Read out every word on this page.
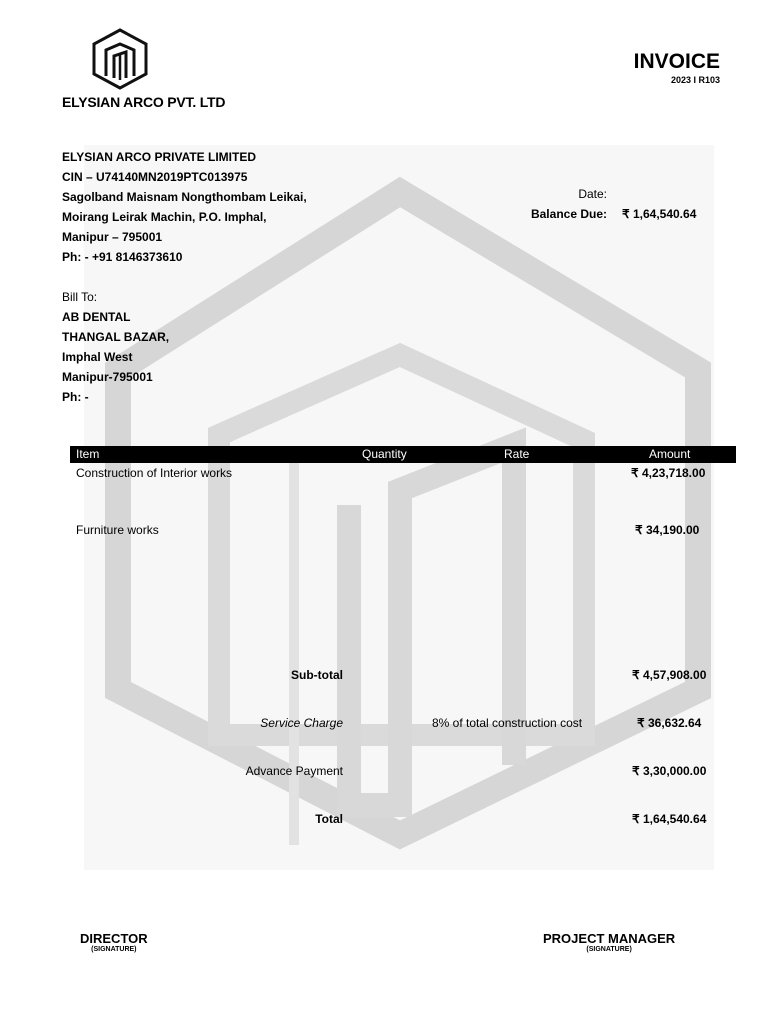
ELYSIAN ARCO PVT. LTD
INVOICE
2023 I R103
ELYSIAN ARCO PRIVATE LIMITED
CIN – U74140MN2019PTC013975
Sagolband Maisnam Nongthombam Leikai,
Moirang Leirak Machin, P.O. Imphal,
Manipur – 795001
Ph: - +91 8146373610
Date:
Balance Due: ₹ 1,64,540.64
Bill To:
AB DENTAL
THANGAL BAZAR,
Imphal West
Manipur-795001
Ph: -
Item	Quantity	Rate	Amount
Construction of Interior works	₹ 4,23,718.00
Furniture works	₹ 34,190.00
Sub-total	₹ 4,57,908.00
Service Charge	8% of total construction cost	₹ 36,632.64
Advance Payment	₹ 3,30,000.00
Total	₹ 1,64,540.64
DIRECTOR
(SIGNATURE)
PROJECT MANAGER
(SIGNATURE)
